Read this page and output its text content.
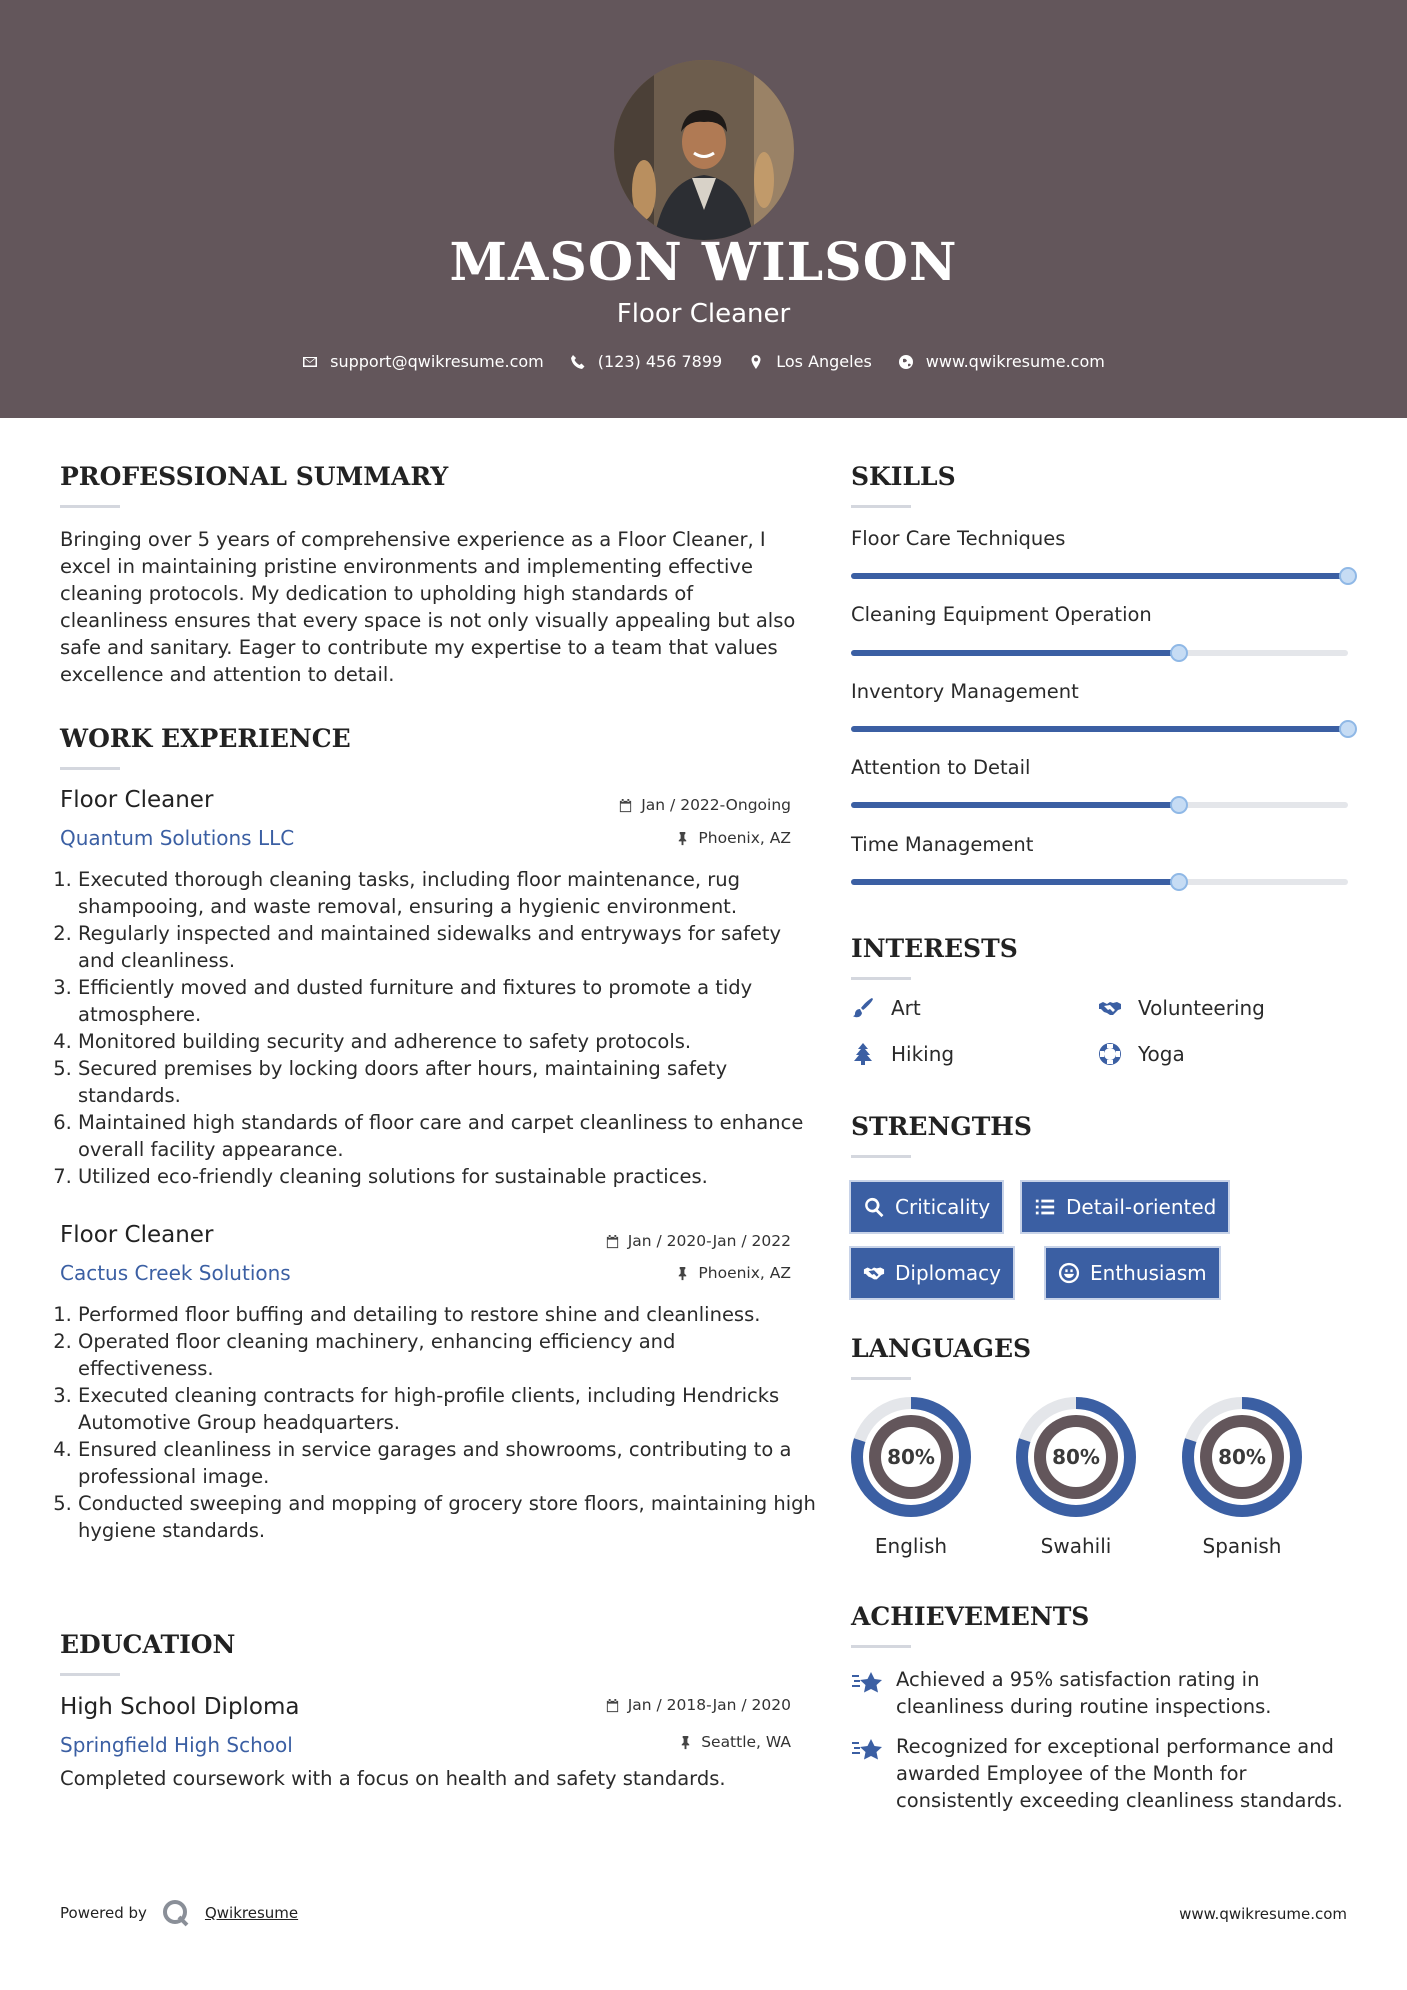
MASON WILSON
Floor Cleaner
support@qwikresume.com	(123) 456 7899	Los Angeles	www.qwikresume.com
PROFESSIONAL SUMMARY
Bringing over 5 years of comprehensive experience as a Floor Cleaner, I excel in maintaining pristine environments and implementing effective cleaning protocols. My dedication to upholding high standards of cleanliness ensures that every space is not only visually appealing but also safe and sanitary. Eager to contribute my expertise to a team that values excellence and attention to detail.
WORK EXPERIENCE
Floor Cleaner	Jan / 2022-Ongoing
Quantum Solutions LLC	Phoenix, AZ
1. Executed thorough cleaning tasks, including floor maintenance, rug shampooing, and waste removal, ensuring a hygienic environment.
2. Regularly inspected and maintained sidewalks and entryways for safety and cleanliness.
3. Efficiently moved and dusted furniture and fixtures to promote a tidy atmosphere.
4. Monitored building security and adherence to safety protocols.
5. Secured premises by locking doors after hours, maintaining safety standards.
6. Maintained high standards of floor care and carpet cleanliness to enhance overall facility appearance.
7. Utilized eco-friendly cleaning solutions for sustainable practices.
Floor Cleaner	Jan / 2020-Jan / 2022
Cactus Creek Solutions	Phoenix, AZ
1. Performed floor buffing and detailing to restore shine and cleanliness.
2. Operated floor cleaning machinery, enhancing efficiency and effectiveness.
3. Executed cleaning contracts for high-profile clients, including Hendricks Automotive Group headquarters.
4. Ensured cleanliness in service garages and showrooms, contributing to a professional image.
5. Conducted sweeping and mopping of grocery store floors, maintaining high hygiene standards.
EDUCATION
High School Diploma	Jan / 2018-Jan / 2020
Springfield High School	Seattle, WA
Completed coursework with a focus on health and safety standards.
SKILLS
Floor Care Techniques
Cleaning Equipment Operation
Inventory Management
Attention to Detail
Time Management
INTERESTS
Art	Volunteering
Hiking	Yoga
STRENGTHS
Criticality	Detail-oriented
Diplomacy	Enthusiasm
LANGUAGES
80%
English
80%
Swahili
80%
Spanish
ACHIEVEMENTS
Achieved a 95% satisfaction rating in cleanliness during routine inspections.
Recognized for exceptional performance and awarded Employee of the Month for consistently exceeding cleanliness standards.
Powered by	Qwikresume	www.qwikresume.com
